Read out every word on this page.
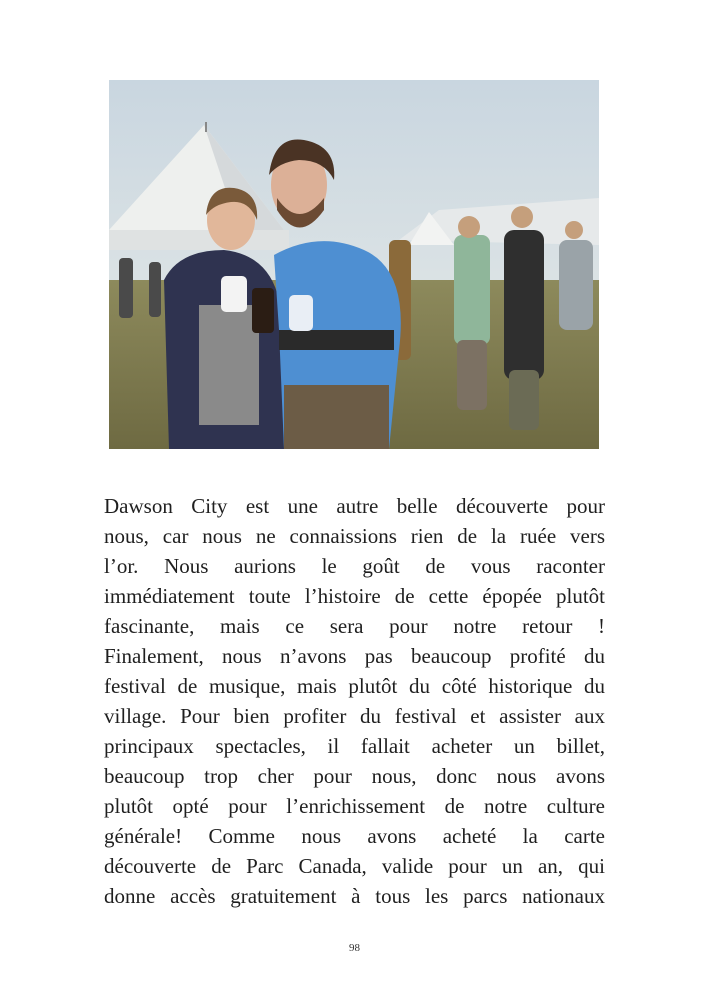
Dawson City est une autre belle découverte pour

nous, car nous ne connaissions rien de la ruée vers

l’or. Nous aurions le goût de vous raconter

immédiatement toute l’histoire de cette épopée plutôt

fascinante, mais ce sera pour notre retour !

Finalement, nous n’avons pas beaucoup profité du

festival de musique, mais plutôt du côté historique du

village. Pour bien profiter du festival et assister aux

principaux spectacles, il fallait acheter un billet,

beaucoup trop cher pour nous, donc nous avons

plutôt opté pour l’enrichissement de notre culture

générale! Comme nous avons acheté la carte

découverte de Parc Canada, valide pour un an, qui

donne accès gratuitement à tous les parcs nationaux

98
